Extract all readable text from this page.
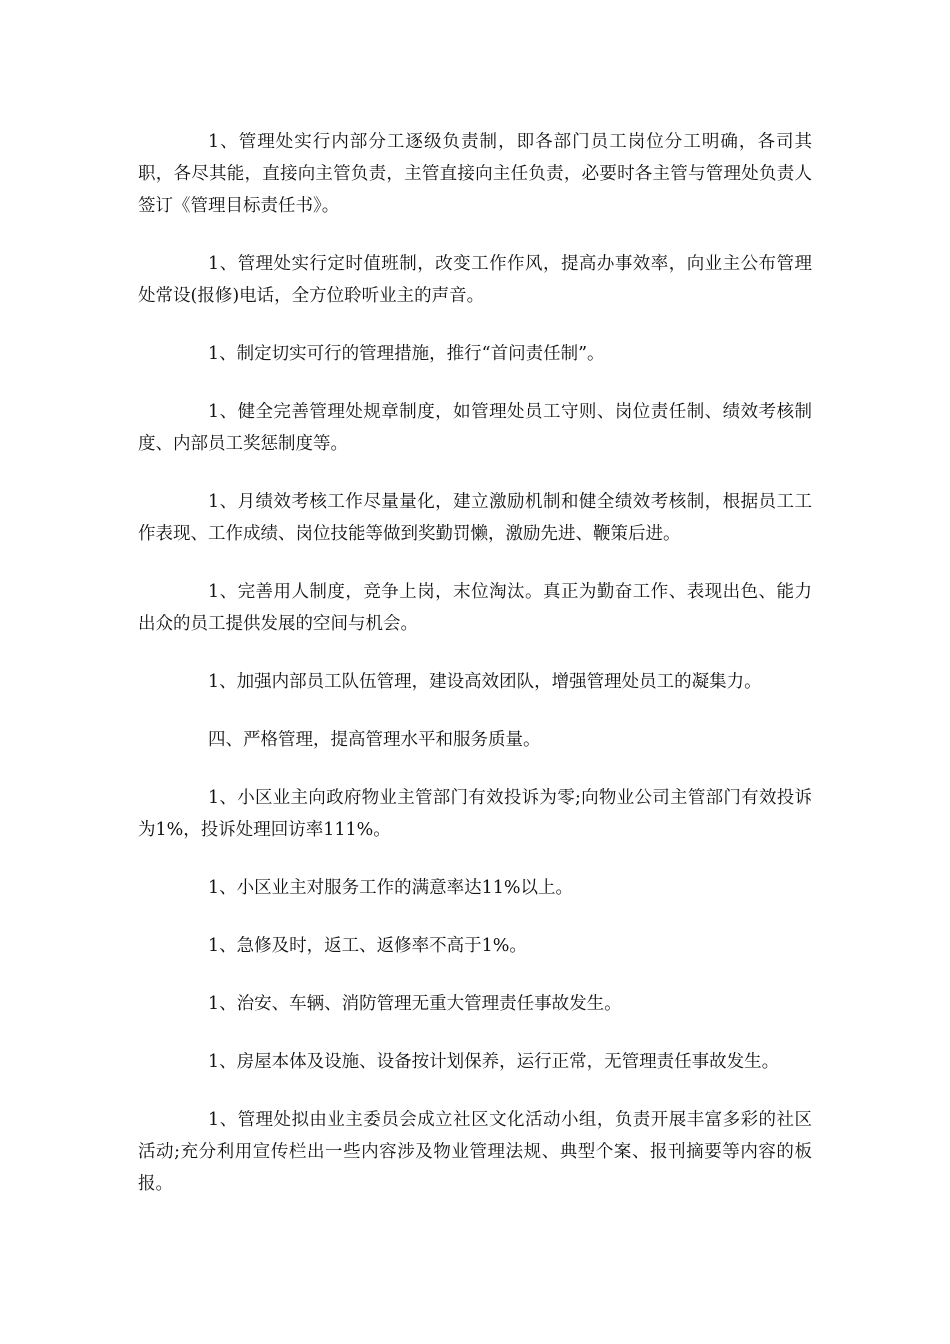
1、管理处实行内部分工逐级负责制，即各部门员工岗位分工明确，各司其职，各尽其能，直接向主管负责，主管直接向主任负责，必要时各主管与管理处负责人签订《管理目标责任书》。

1、管理处实行定时值班制，改变工作作风，提高办事效率，向业主公布管理处常设(报修)电话，全方位聆听业主的声音。

1、制定切实可行的管理措施，推行“首问责任制”。

1、健全完善管理处规章制度，如管理处员工守则、岗位责任制、绩效考核制度、内部员工奖惩制度等。

1、月绩效考核工作尽量量化，建立激励机制和健全绩效考核制，根据员工工作表现、工作成绩、岗位技能等做到奖勤罚懒，激励先进、鞭策后进。

1、完善用人制度，竞争上岗，末位淘汰。真正为勤奋工作、表现出色、能力出众的员工提供发展的空间与机会。

1、加强内部员工队伍管理，建设高效团队，增强管理处员工的凝集力。

四、严格管理，提高管理水平和服务质量。

1、小区业主向政府物业主管部门有效投诉为零;向物业公司主管部门有效投诉为1%，投诉处理回访率111%。

1、小区业主对服务工作的满意率达11%以上。

1、急修及时，返工、返修率不高于1%。

1、治安、车辆、消防管理无重大管理责任事故发生。

1、房屋本体及设施、设备按计划保养，运行正常，无管理责任事故发生。

1、管理处拟由业主委员会成立社区文化活动小组，负责开展丰富多彩的社区活动;充分利用宣传栏出一些内容涉及物业管理法规、典型个案、报刊摘要等内容的板报。
